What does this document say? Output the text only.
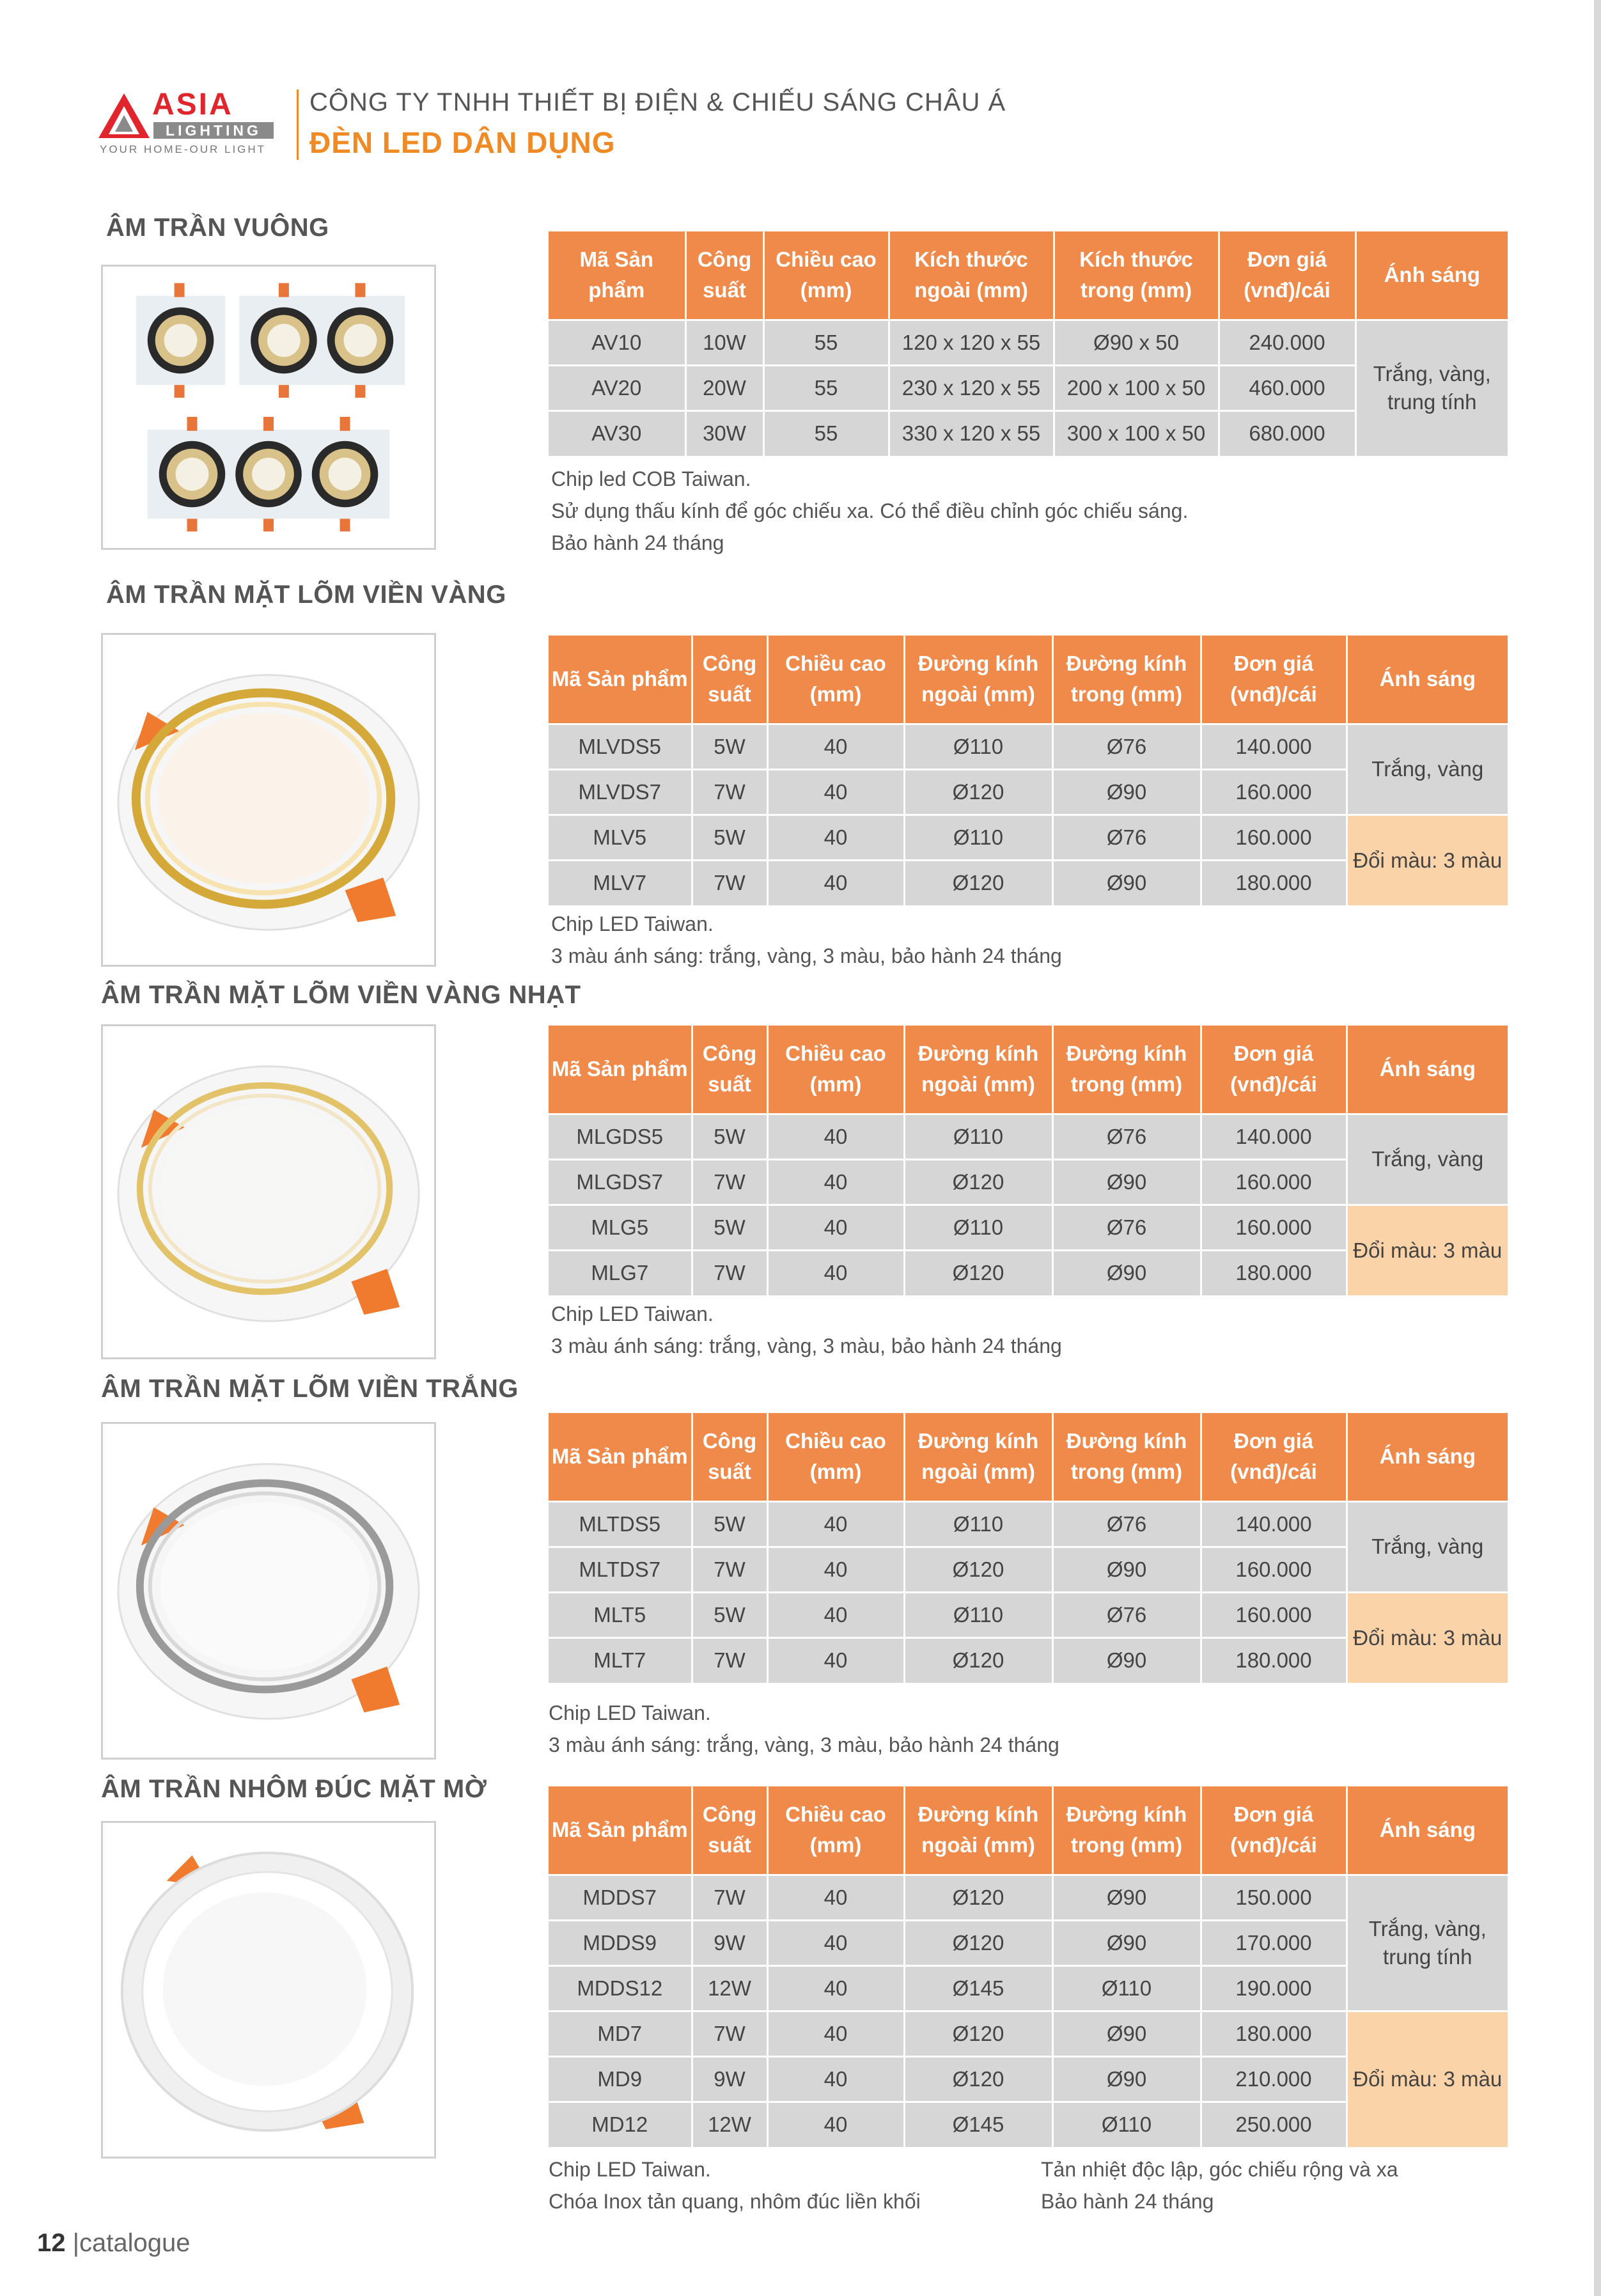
ASIA
LIGHTING
YOUR HOME-OUR LIGHT
CÔNG TY TNHH THIẾT BỊ ĐIỆN & CHIẾU SÁNG CHÂU Á
ĐÈN LED DÂN DỤNG
ÂM TRẦN VUÔNG
Mã Sản phẩm	Công suất	Chiều cao (mm)	Kích thước ngoài (mm)	Kích thước trong (mm)	Đơn giá (vnđ)/cái	Ánh sáng
AV10	10W	55	120 x 120 x 55	Ø90 x 50	240.000	Trắng, vàng, trung tính
AV20	20W	55	230 x 120 x 55	200 x 100 x 50	460.000	
AV30	30W	55	330 x 120 x 55	300 x 100 x 50	680.000	
Chip led COB Taiwan.
Sử dụng thấu kính để góc chiếu xa. Có thể điều chỉnh góc chiếu sáng.
Bảo hành 24 tháng
ÂM TRẦN MẶT LÕM VIỀN VÀNG
Mã Sản phẩm	Công suất	Chiều cao (mm)	Đường kính ngoài (mm)	Đường kính trong (mm)	Đơn giá (vnđ)/cái	Ánh sáng
MLVDS5	5W	40	Ø110	Ø76	140.000	Trắng, vàng
MLVDS7	7W	40	Ø120	Ø90	160.000	
MLV5	5W	40	Ø110	Ø76	160.000	Đổi màu: 3 màu
MLV7	7W	40	Ø120	Ø90	180.000	
Chip LED Taiwan.
3 màu ánh sáng: trắng, vàng, 3 màu, bảo hành 24 tháng
ÂM TRẦN MẶT LÕM VIỀN VÀNG NHẠT
Mã Sản phẩm	Công suất	Chiều cao (mm)	Đường kính ngoài (mm)	Đường kính trong (mm)	Đơn giá (vnđ)/cái	Ánh sáng
MLGDS5	5W	40	Ø110	Ø76	140.000	Trắng, vàng
MLGDS7	7W	40	Ø120	Ø90	160.000	
MLG5	5W	40	Ø110	Ø76	160.000	Đổi màu: 3 màu
MLG7	7W	40	Ø120	Ø90	180.000	
Chip LED Taiwan.
3 màu ánh sáng: trắng, vàng, 3 màu, bảo hành 24 tháng
ÂM TRẦN MẶT LÕM VIỀN TRẮNG
Mã Sản phẩm	Công suất	Chiều cao (mm)	Đường kính ngoài (mm)	Đường kính trong (mm)	Đơn giá (vnđ)/cái	Ánh sáng
MLTDS5	5W	40	Ø110	Ø76	140.000	Trắng, vàng
MLTDS7	7W	40	Ø120	Ø90	160.000	
MLT5	5W	40	Ø110	Ø76	160.000	Đổi màu: 3 màu
MLT7	7W	40	Ø120	Ø90	180.000	
Chip LED Taiwan.
3 màu ánh sáng: trắng, vàng, 3 màu, bảo hành 24 tháng
ÂM TRẦN NHÔM ĐÚC MẶT MỜ
Mã Sản phẩm	Công suất	Chiều cao (mm)	Đường kính ngoài (mm)	Đường kính trong (mm)	Đơn giá (vnđ)/cái	Ánh sáng
MDDS7	7W	40	Ø120	Ø90	150.000	Trắng, vàng, trung tính
MDDS9	9W	40	Ø120	Ø90	170.000	
MDDS12	12W	40	Ø145	Ø110	190.000	
MD7	7W	40	Ø120	Ø90	180.000	Đổi màu: 3 màu
MD9	9W	40	Ø120	Ø90	210.000	
MD12	12W	40	Ø145	Ø110	250.000	
Chip LED Taiwan.
Chóa Inox tản quang, nhôm đúc liền khối
Tản nhiệt độc lập, góc chiếu rộng và xa
Bảo hành 24 tháng
12 |catalogue
